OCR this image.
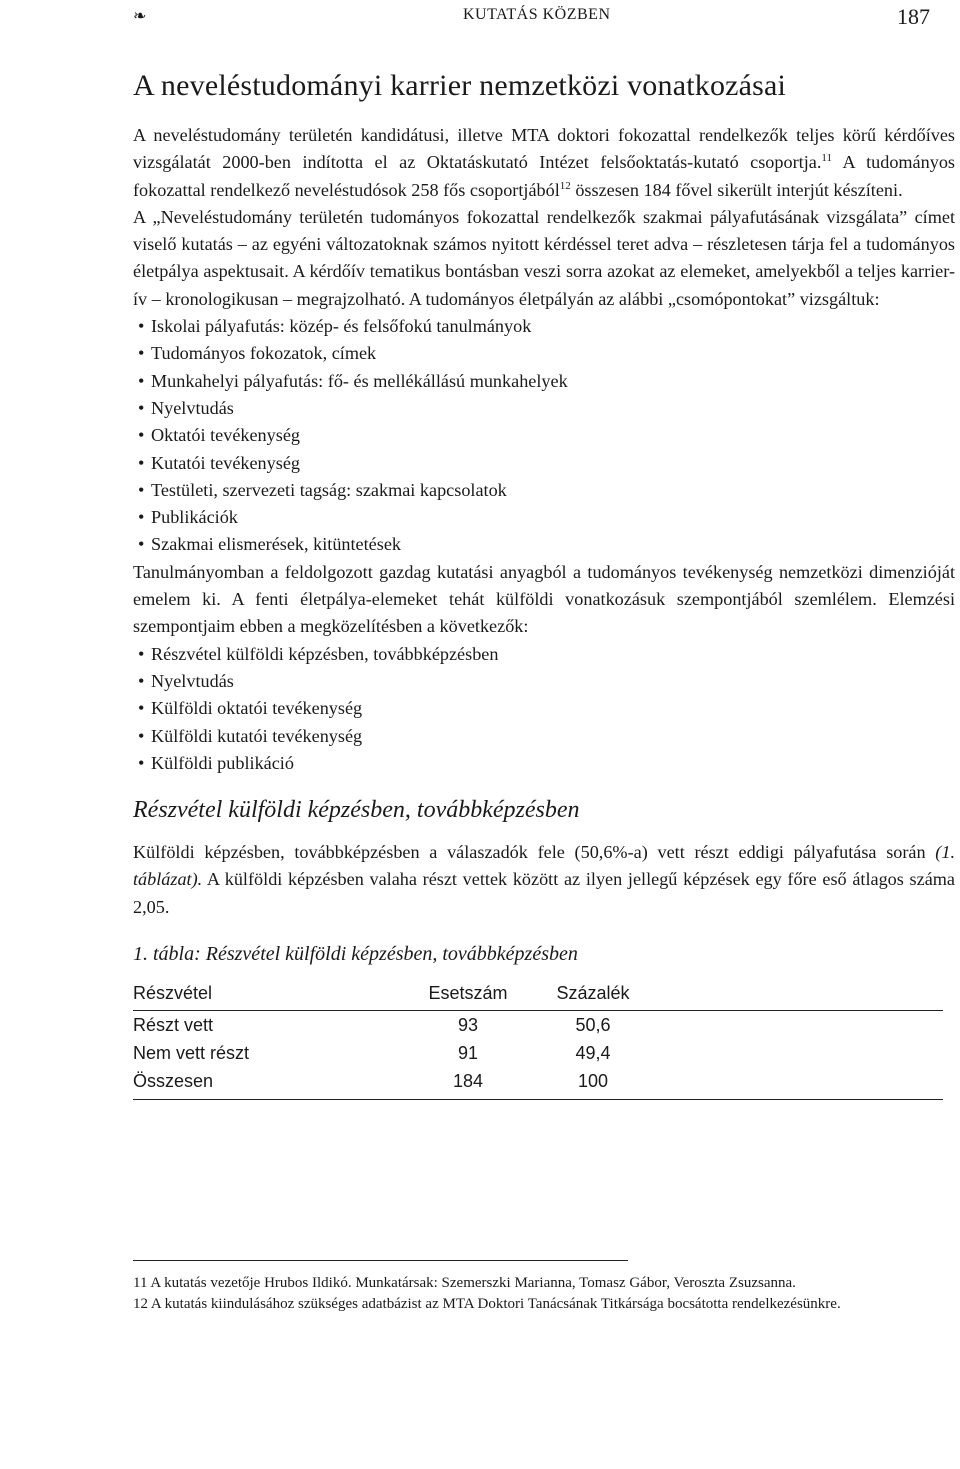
❧	KUTATÁS KÖZBEN	187
A neveléstudományi karrier nemzetközi vonatkozásai

A neveléstudomány területén kandidátusi, illetve MTA doktori fokozattal rendelkezők teljes körű kérdőíves vizsgálatát 2000-ben indította el az Oktatáskutató Intézet felsőoktatás-kutató csoportja.$^{11}$ A tudományos fokozattal rendelkező neveléstudósok 258 fős csoportjából$^{12}$ összesen 184 fővel sikerült interjút készíteni.

A „Neveléstudomány területén tudományos fokozattal rendelkezők szakmai pályafutásának vizsgálata” címet viselő kutatás – az egyéni változatoknak számos nyitott kérdéssel teret adva – részletesen tárja fel a tudományos életpálya aspektusait. A kérdőív tematikus bontásban veszi sorra azokat az elemeket, amelyekből a teljes karrier-ív – kronologikusan – megrajzolható. A tudományos életpályán az alábbi „csomópontokat” vizsgáltuk:

• Iskolai pályafutás: közép- és felsőfokú tanulmányok
• Tudományos fokozatok, címek
• Munkahelyi pályafutás: fő- és mellékállású munkahelyek
• Nyelvtudás
• Oktatói tevékenység
• Kutatói tevékenység
• Testületi, szervezeti tagság: szakmai kapcsolatok
• Publikációk
• Szakmai elismerések, kitüntetések

Tanulmányomban a feldolgozott gazdag kutatási anyagból a tudományos tevékenység nemzetközi dimenzióját emelem ki. A fenti életpálya-elemeket tehát külföldi vonatkozásuk szempontjából szemlélem. Elemzési szempontjaim ebben a megközelítésben a következők:

• Részvétel külföldi képzésben, továbbképzésben
• Nyelvtudás
• Külföldi oktatói tevékenység
• Külföldi kutatói tevékenység
• Külföldi publikáció
Részvétel külföldi képzésben, továbbképzésben

Külföldi képzésben, továbbképzésben a válaszadók fele (50,6%-a) vett részt eddigi pályafutása során (1. táblázat). A külföldi képzésben valaha részt vettek között az ilyen jellegű képzések egy főre eső átlagos száma 2,05.

1. tábla: Részvétel külföldi képzésben, továbbképzésben
Részvétel	Esetszám	Százalék	
Részt vett	93	50,6	
Nem vett részt	91	49,4	
Összesen	184	100	

11 A kutatás vezetője Hrubos Ildikó. Munkatársak: Szemerszki Marianna, Tomasz Gábor, Veroszta Zsuzsanna.

12 A kutatás kiindulásához szükséges adatbázist az MTA Doktori Tanácsának Titkársága bocsátotta rendelkezésünkre.
